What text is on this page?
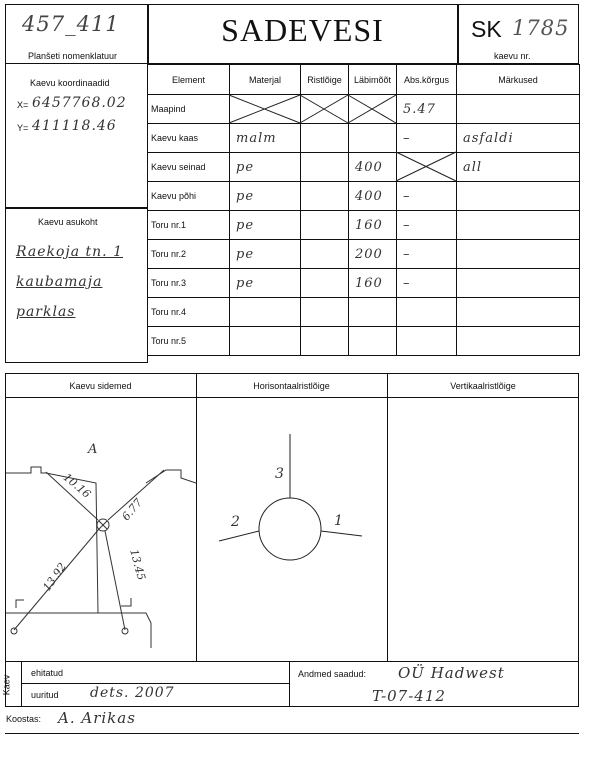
457_411
Planšeti nomenklatuur
SADEVESI	SK 1785
kaevu nr.
Kaevu koordinaadid
X= 6457768.02
Y= 411118.46
Kaevu asukoht
Raekoja tn. 1
kaubamaja
parklas
Element	Materjal	Ristlõige	Läbimõõt	Abs.kõrgus	Märkused
Maapind				5.47	
Kaevu kaas	malm			–	asfaldi
Kaevu seinad	pe		400		all
Kaevu põhi	pe		400	–	
Toru nr.1	pe		160	–	
Toru nr.2	pe		200	–	
Toru nr.3	pe		160	–	
Toru nr.4					
Toru nr.5					
Kaevu sidemed	Horisontaalristlõige	Vertikaalristlõige
A
10.16
6.77
13.92	13.45
3
2	1
Kaev
ehitatud
uuritud dets. 2007
Andmed saadud: OÜ Hadwest
T-07-412
Koostas: A. Arikas
